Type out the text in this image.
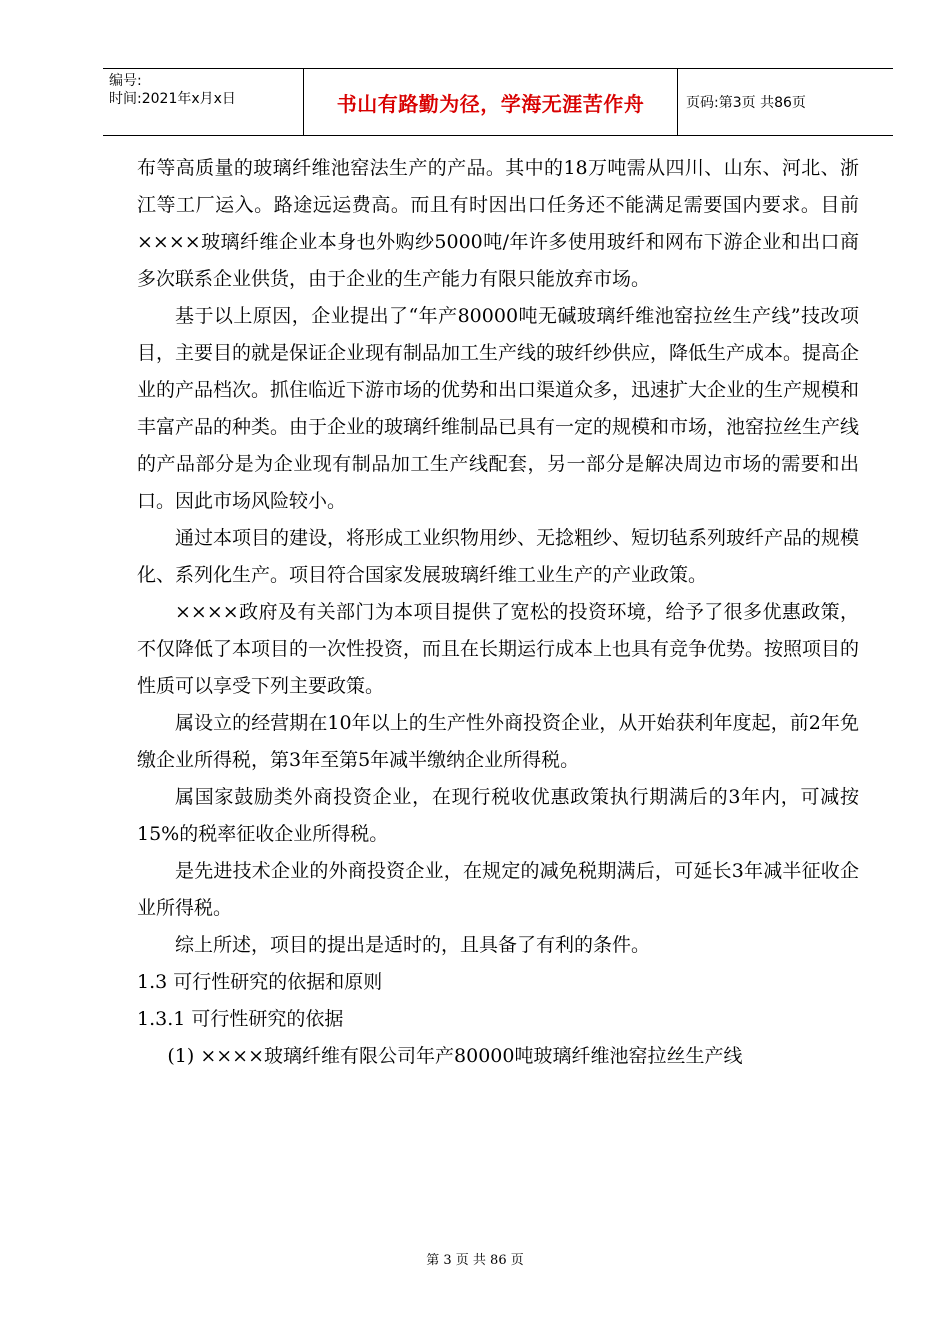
编号:
时间:2021年x月x日	书山有路勤为径，学海无涯苦作舟	页码:第3页 共86页

布等高质量的玻璃纤维池窑法生产的产品。其中的18万吨需从四川、山东、河北、浙江等工厂运入。路途远运费高。而且有时因出口任务还不能满足需要国内要求。目前××××玻璃纤维企业本身也外购纱5000吨/年许多使用玻纤和网布下游企业和出口商多次联系企业供货，由于企业的生产能力有限只能放弃市场。

基于以上原因，企业提出了“年产80000吨无碱玻璃纤维池窑拉丝生产线”技改项目，主要目的就是保证企业现有制品加工生产线的玻纤纱供应，降低生产成本。提高企业的产品档次。抓住临近下游市场的优势和出口渠道众多，迅速扩大企业的生产规模和丰富产品的种类。由于企业的玻璃纤维制品已具有一定的规模和市场，池窑拉丝生产线的产品部分是为企业现有制品加工生产线配套，另一部分是解决周边市场的需要和出口。因此市场风险较小。

通过本项目的建设，将形成工业织物用纱、无捻粗纱、短切毡系列玻纤产品的规模化、系列化生产。项目符合国家发展玻璃纤维工业生产的产业政策。

××××政府及有关部门为本项目提供了宽松的投资环境，给予了很多优惠政策，不仅降低了本项目的一次性投资，而且在长期运行成本上也具有竞争优势。按照项目的性质可以享受下列主要政策。

属设立的经营期在10年以上的生产性外商投资企业，从开始获利年度起，前2年免缴企业所得税，第3年至第5年减半缴纳企业所得税。

属国家鼓励类外商投资企业，在现行税收优惠政策执行期满后的3年内，可减按15%的税率征收企业所得税。

是先进技术企业的外商投资企业，在规定的减免税期满后，可延长3年减半征收企业所得税。

综上所述，项目的提出是适时的，且具备了有利的条件。

1.3 可行性研究的依据和原则

1.3.1 可行性研究的依据

(1) ××××玻璃纤维有限公司年产80000吨玻璃纤维池窑拉丝生产线

第 3 页 共 86 页
